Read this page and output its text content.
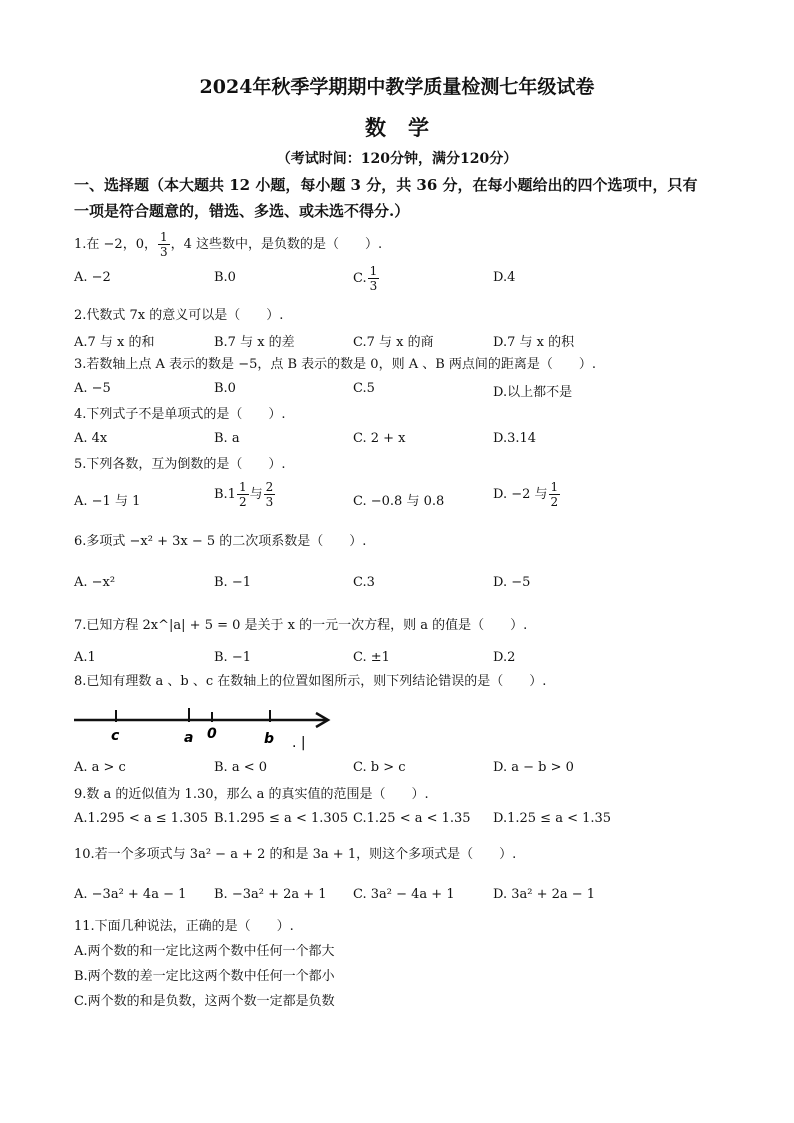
2024年秋季学期期中教学质量检测七年级试卷
数学
（考试时间：120分钟，满分120分）
一、选择题（本大题共 12 小题，每小题 3 分，共 36 分，在每小题给出的四个选项中，只有
一项是符合题意的，错选、多选、或未选不得分.）
1.在 −2，0， $\frac{1}{3}$ ，4 这些数中，是负数的是（　　）.
A. −2	B.0	C. $\frac{1}{3}$	D.4
2.代数式 7x 的意义可以是（　　）.
A.7 与 x 的和	B.7 与 x 的差	C.7 与 x 的商	D.7 与 x 的积
3.若数轴上点 A 表示的数是 −5，点 B 表示的数是 0，则 A 、B 两点间的距离是（　　）.
A. −5	B.0	C.5	D.以上都不是
4.下列式子不是单项式的是（　　）.
A. 4x	B. a	C. 2 + x	D.3.14
5.下列各数，互为倒数的是（　　）.
A. −1 与 1	$B.1 \frac{1}{2}$ 与 $\frac{2}{3}$	C. −0.8 与 0.8	D. −2 与 $\frac{1}{2}$
6.多项式 −x² + 3x − 5 的二次项系数是（　　）.
A. −x²	B. −1	C.3	D. −5
7.已知方程 2x^|a| + 5 = 0 是关于 x 的一元一次方程，则 a 的值是（　　）.
A.1	B. −1	C. ±1	D.2
8.已知有理数 a 、b 、c 在数轴上的位置如图所示，则下列结论错误的是（　　）.
c	a 0	b . |
A. a > c	B. a < 0	C. b > c	D. a − b > 0
9.数 a 的近似值为 1.30，那么 a 的真实值的范围是（　　）.
A.1.295 < a ≤ 1.305 B.1.295 ≤ a < 1.305 C.1.25 < a < 1.35 D.1.25 ≤ a < 1.35
10.若一个多项式与 3a² − a + 2 的和是 3a + 1，则这个多项式是（　　）.
A. −3a² + 4a − 1 B. −3a² + 2a + 1 C. 3a² − 4a + 1	D. 3a² + 2a − 1
11.下面几种说法，正确的是（　　）.
A.两个数的和一定比这两个数中任何一个都大
B.两个数的差一定比这两个数中任何一个都小
C.两个数的和是负数，这两个数一定都是负数
